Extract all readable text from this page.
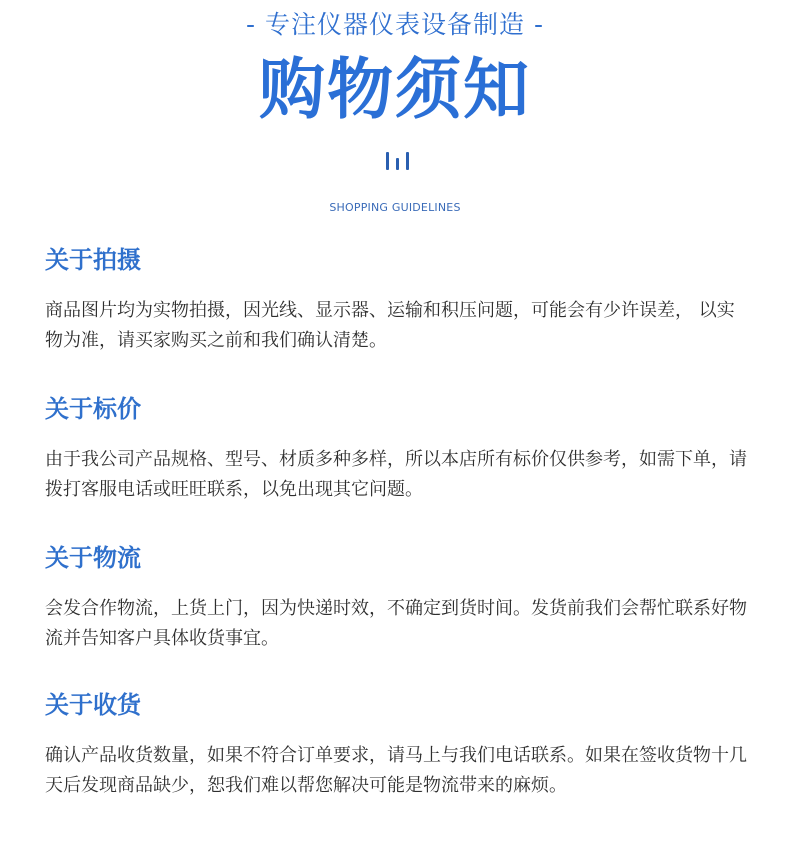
- 专注仪器仪表设备制造 -
购物须知
SHOPPING GUIDELINES
关于拍摄
商品图片均为实物拍摄，因光线、显示器、运输和积压问题，可能会有少许误差， 以实物为准，请买家购买之前和我们确认清楚。
关于标价
由于我公司产品规格、型号、材质多种多样，所以本店所有标价仅供参考，如需下单，请拨打客服电话或旺旺联系，以免出现其它问题。
关于物流
会发合作物流，上货上门，因为快递时效，不确定到货时间。发货前我们会帮忙联系好物流并告知客户具体收货事宜。
关于收货
确认产品收货数量，如果不符合订单要求，请马上与我们电话联系。如果在签收货物十几天后发现商品缺少，恕我们难以帮您解决可能是物流带来的麻烦。
